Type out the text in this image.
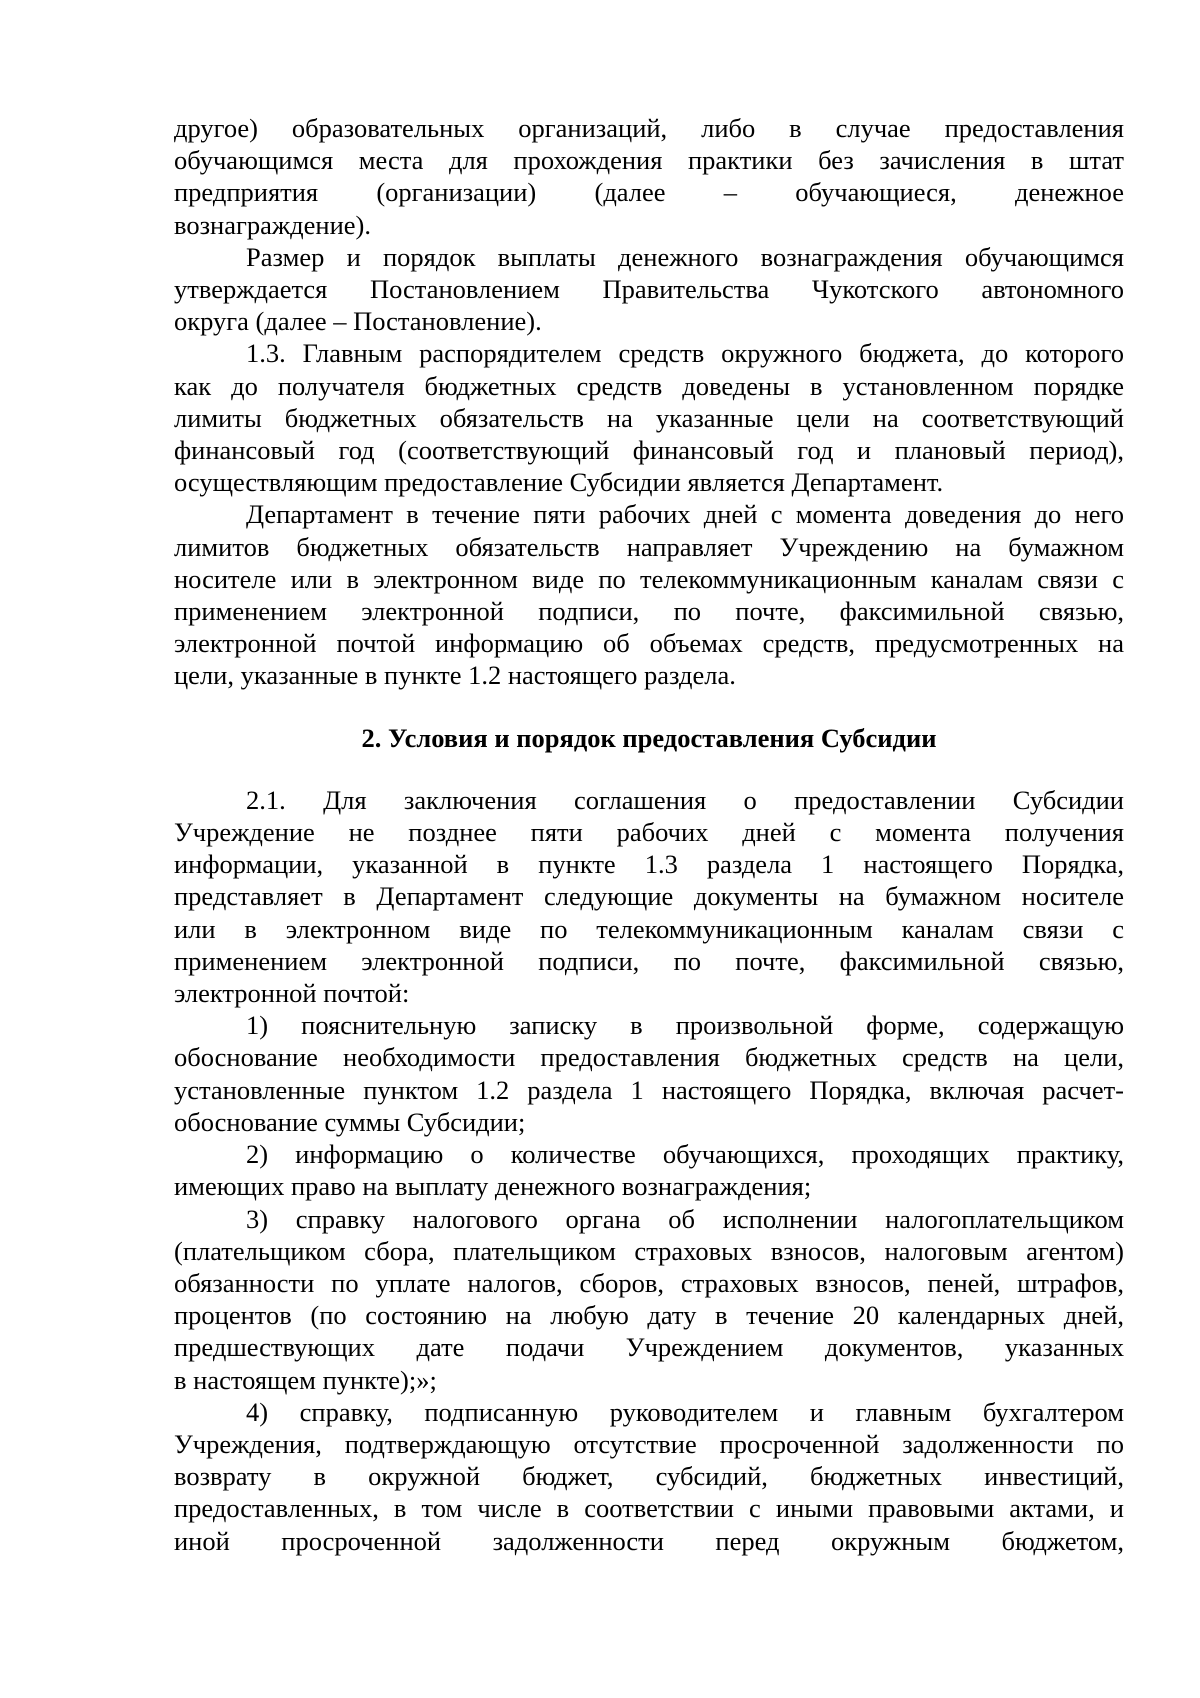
другое) образовательных организаций, либо в случае предоставления
обучающимся места для прохождения практики без зачисления в штат
предприятия (организации) (далее – обучающиеся, денежное
вознаграждение).
Размер и порядок выплаты денежного вознаграждения обучающимся
утверждается Постановлением Правительства Чукотского автономного
округа (далее – Постановление).
1.3. Главным распорядителем средств окружного бюджета, до которого
как до получателя бюджетных средств доведены в установленном порядке
лимиты бюджетных обязательств на указанные цели на соответствующий
финансовый год (соответствующий финансовый год и плановый период),
осуществляющим предоставление Субсидии является Департамент.
Департамент в течение пяти рабочих дней с момента доведения до него
лимитов бюджетных обязательств направляет Учреждению на бумажном
носителе или в электронном виде по телекоммуникационным каналам связи с
применением электронной подписи, по почте, факсимильной связью,
электронной почтой информацию об объемах средств, предусмотренных на
цели, указанные в пункте 1.2 настоящего раздела.
2. Условия и порядок предоставления Субсидии
2.1. Для заключения соглашения о предоставлении Субсидии
Учреждение не позднее пяти рабочих дней с момента получения
информации, указанной в пункте 1.3 раздела 1 настоящего Порядка,
представляет в Департамент следующие документы на бумажном носителе
или в электронном виде по телекоммуникационным каналам связи с
применением электронной подписи, по почте, факсимильной связью,
электронной почтой:
1) пояснительную записку в произвольной форме, содержащую
обоснование необходимости предоставления бюджетных средств на цели,
установленные пунктом 1.2 раздела 1 настоящего Порядка, включая расчет-
обоснование суммы Субсидии;
2) информацию о количестве обучающихся, проходящих практику,
имеющих право на выплату денежного вознаграждения;
3) справку налогового органа об исполнении налогоплательщиком
(плательщиком сбора, плательщиком страховых взносов, налоговым агентом)
обязанности по уплате налогов, сборов, страховых взносов, пеней, штрафов,
процентов (по состоянию на любую дату в течение 20 календарных дней,
предшествующих дате подачи Учреждением документов, указанных
в настоящем пункте);»;
4) справку, подписанную руководителем и главным бухгалтером
Учреждения, подтверждающую отсутствие просроченной задолженности по
возврату в окружной бюджет, субсидий, бюджетных инвестиций,
предоставленных, в том числе в соответствии с иными правовыми актами, и
иной просроченной задолженности перед окружным бюджетом,
